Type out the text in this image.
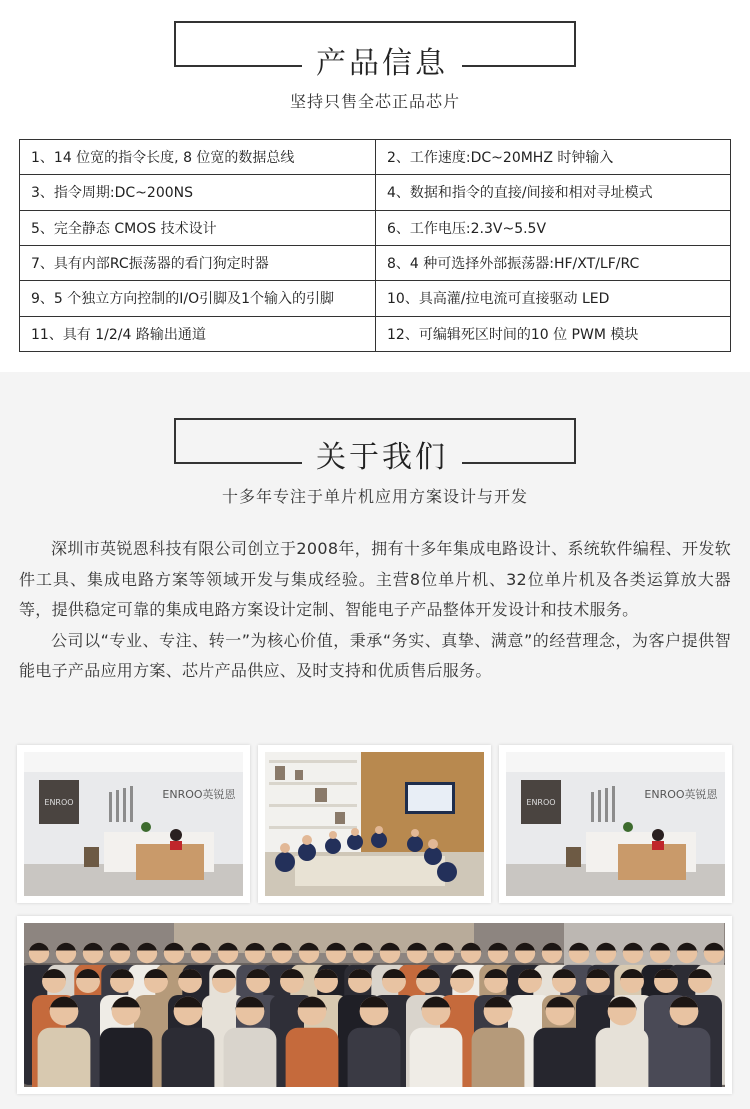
产品信息
坚持只售全芯正品芯片
1、14 位宽的指令长度, 8 位宽的数据总线	2、工作速度:DC~20MHZ 时钟输入
3、指令周期:DC~200NS	4、数据和指令的直接/间接和相对寻址模式
5、完全静态 CMOS 技术设计	6、工作电压:2.3V~5.5V
7、具有内部RC振荡器的看门狗定时器	8、4 种可选择外部振荡器:HF/XT/LF/RC
9、5 个独立方向控制的I/O引脚及1个输入的引脚	10、具高灌/拉电流可直接驱动 LED
11、具有 1/2/4 路输出通道	12、可编辑死区时间的10 位 PWM 模块
关于我们
十多年专注于单片机应用方案设计与开发

深圳市英锐恩科技有限公司创立于2008年，拥有十多年集成电路设计、系统软件编程、开发软件工具、集成电路方案等领域开发与集成经验。主营8位单片机、32位单片机及各类运算放大器等，提供稳定可靠的集成电路方案设计定制、智能电子产品整体开发设计和技术服务。

公司以“专业、专注、转一”为核心价值，秉承“务实、真挚、满意”的经营理念，为客户提供智能电子产品应用方案、芯片产品供应、及时支持和优质售后服务。

ENROO
ENROO英锐恩
ENROO
ENROO英锐恩
